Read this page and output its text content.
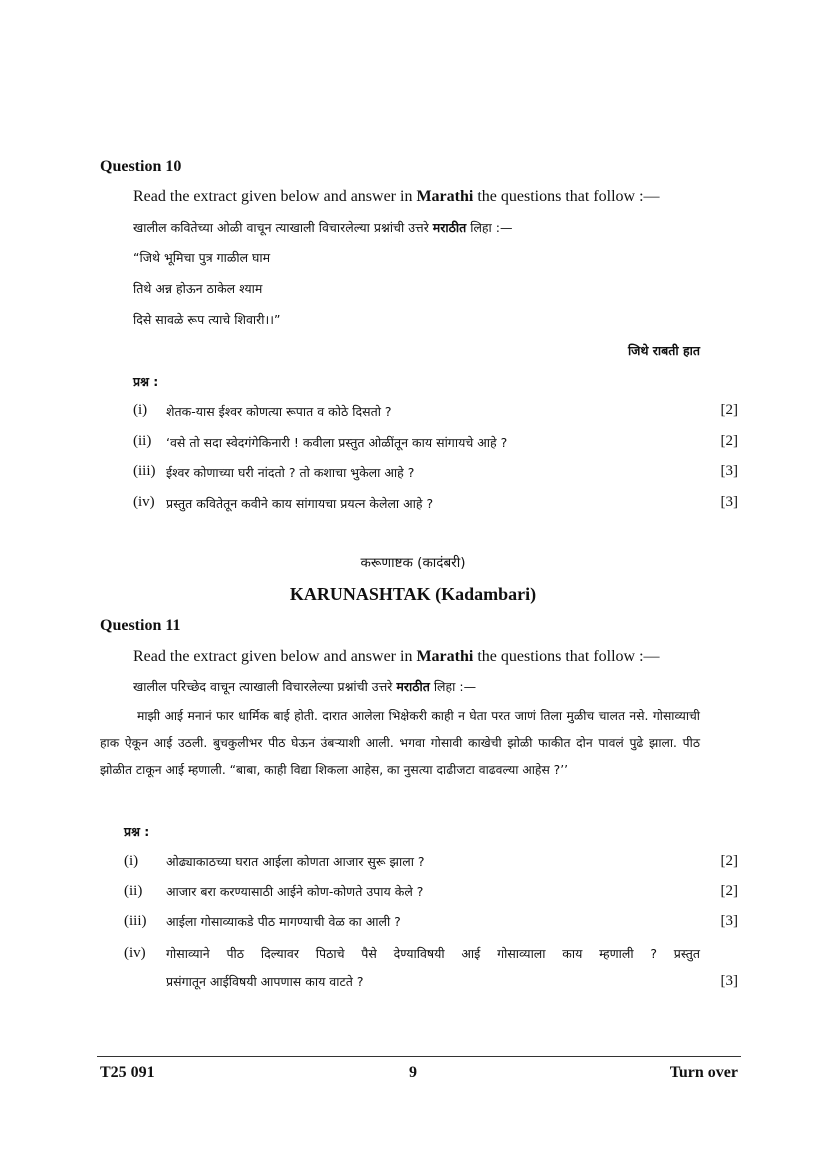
Question 10
Read the extract given below and answer in Marathi the questions that follow :—
खालील कवितेच्या ओळी वाचून त्याखाली विचारलेल्या प्रश्नांची उत्तरे मराठीत लिहा :—
“जिथे भूमिचा पुत्र गाळील घाम
तिथे अन्न होऊन ठाकेल श्याम
दिसे सावळे रूप त्याचे शिवारी।।”
जिथे राबती हात
प्रश्न :
(i) शेतक-यास ईश्वर कोणत्या रूपात व कोठे दिसतो ?	[2]
(ii) ‘वसे तो सदा स्वेदगंगेकिनारी ! कवीला प्रस्तुत ओळींतून काय सांगायचे आहे ?	[2]
(iii) ईश्वर कोणाच्या घरी नांदतो ? तो कशाचा भुकेला आहे ?	[3]
(iv) प्रस्तुत कवितेतून कवीने काय सांगायचा प्रयत्न केलेला आहे ?	[3]
करूणाष्टक (कादंबरी)
KARUNASHTAK (Kadambari)
Question 11
Read the extract given below and answer in Marathi the questions that follow :—
खालील परिच्छेद वाचून त्याखाली विचारलेल्या प्रश्नांची उत्तरे मराठीत लिहा :—
माझी आई मनानं फार धार्मिक बाई होती. दारात आलेला भिक्षेकरी काही न घेता परत जाणं तिला मुळीच चालत नसे. गोसाव्याची हाक ऐकून आई उठली. बुचकुलीभर पीठ घेऊन उंबऱ्याशी आली. भगवा गोसावी काखेची झोळी फाकीत दोन पावलं पुढे झाला. पीठ झोळीत टाकून आई म्हणाली. “बाबा, काही विद्या शिकला आहेस, का नुसत्या दाढीजटा वाढवल्या आहेस ?’’
प्रश्न :
(i) ओढ्याकाठच्या घरात आईला कोणता आजार सुरू झाला ?	[2]
(ii) आजार बरा करण्यासाठी आईने कोण-कोणते उपाय केले ?	[2]
(iii) आईला गोसाव्याकडे पीठ मागण्याची वेळ का आली ?	[3]
(iv) गोसाव्याने पीठ दिल्यावर पिठाचे पैसे देण्याविषयी आई गोसाव्याला काय म्हणाली ? प्रस्तुत
प्रसंगातून आईविषयी आपणास काय वाटते ?	[3]
T25 091	9	Turn over
